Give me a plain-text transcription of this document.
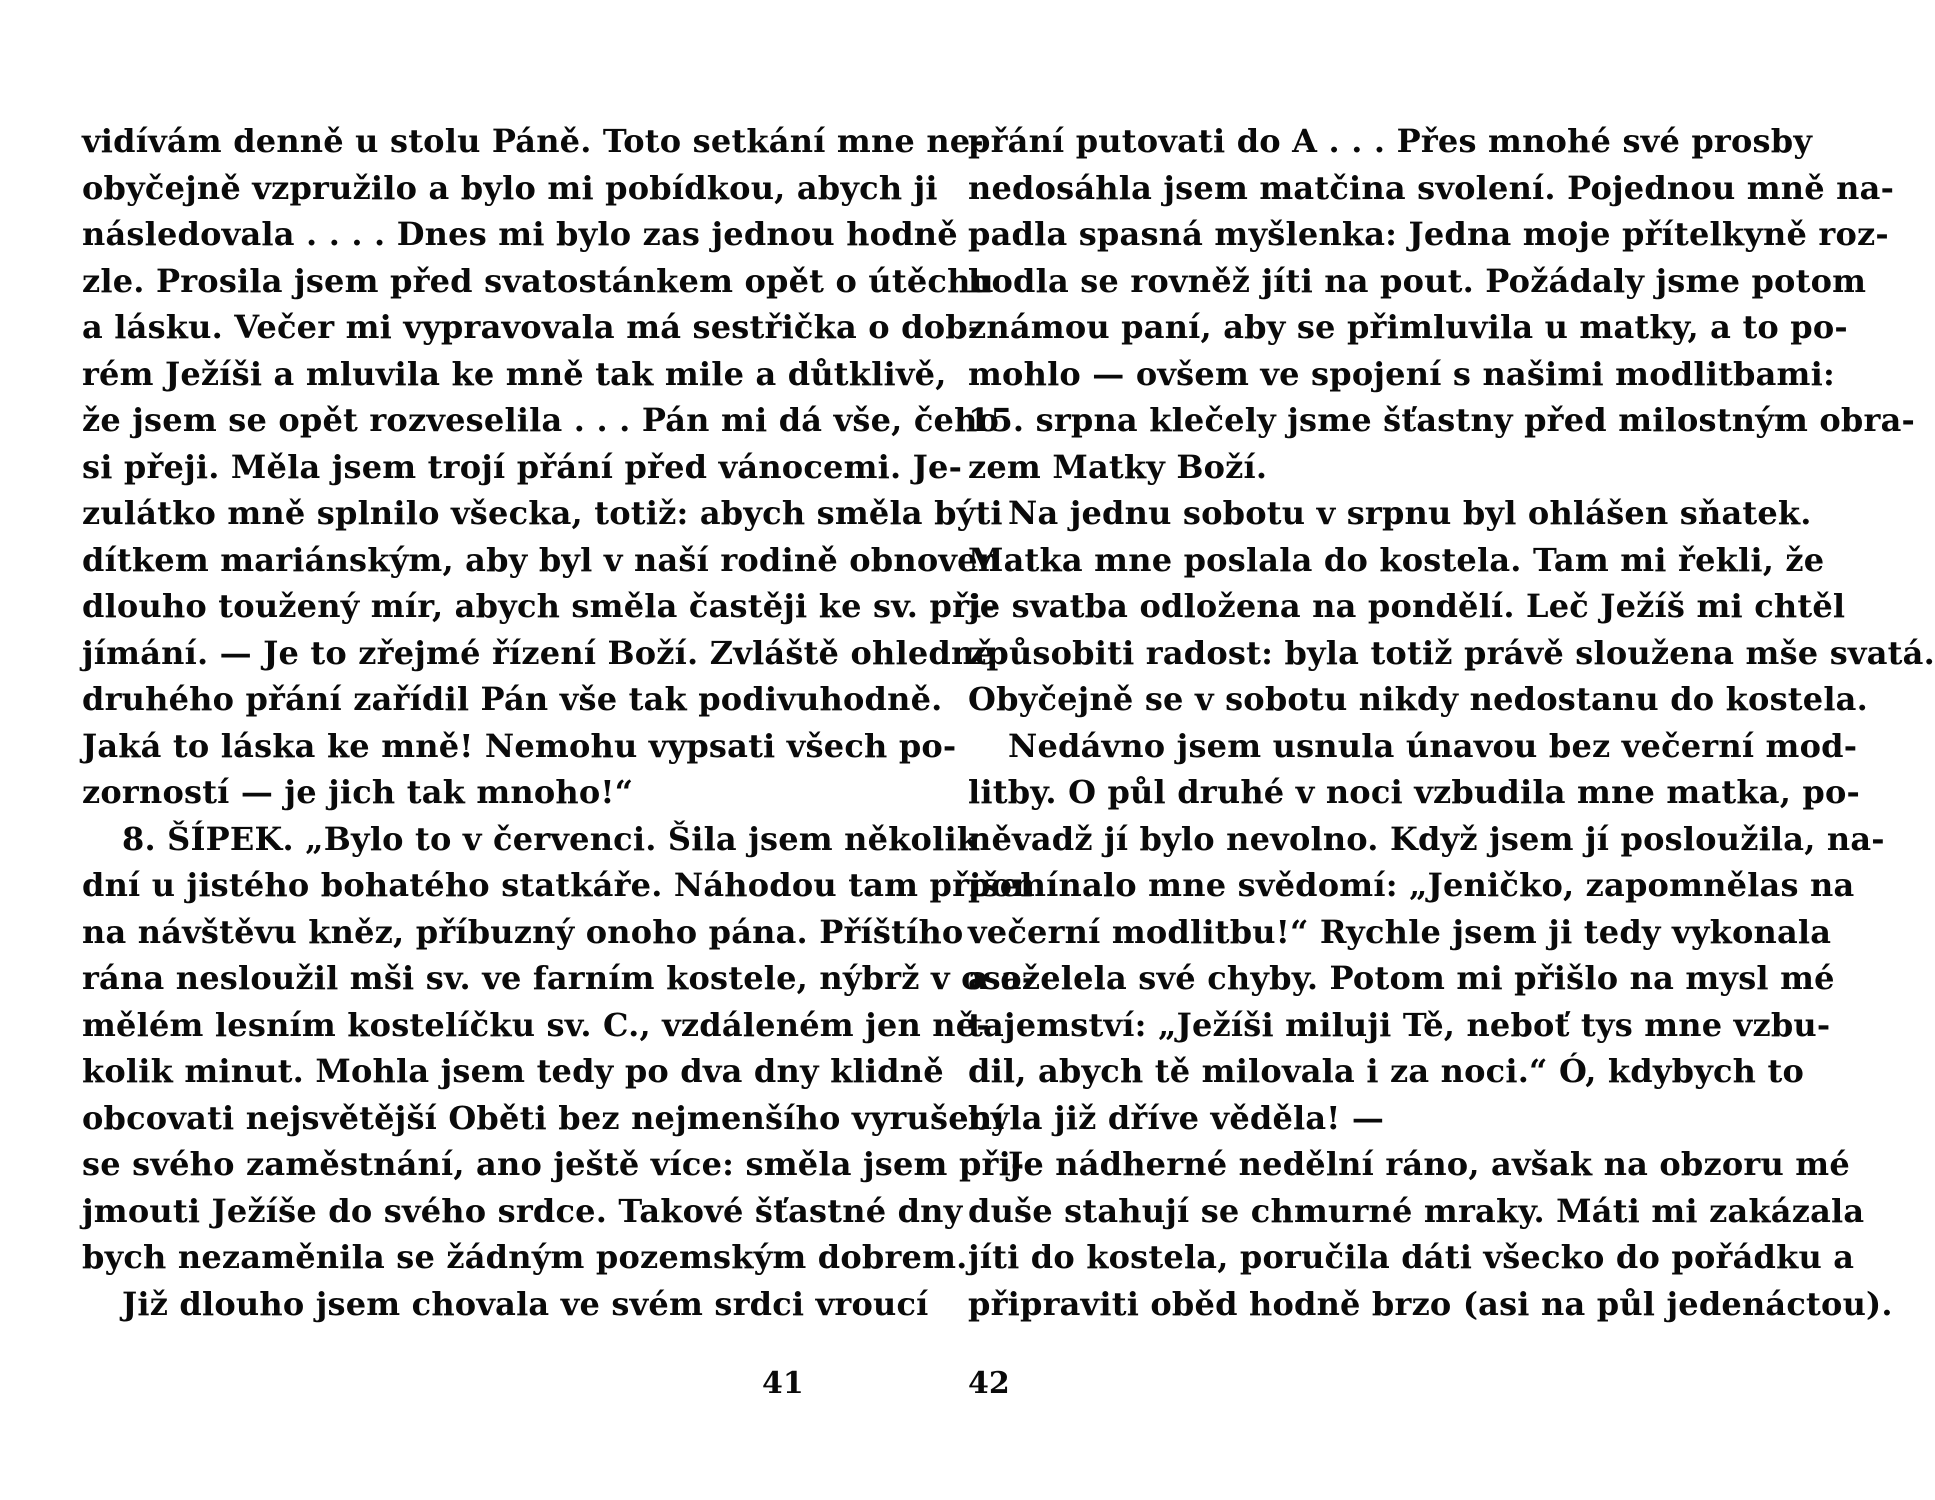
vidívám denně u stolu Páně. Toto setkání mne ne-
obyčejně vzpružilo a bylo mi pobídkou, abych ji
následovala . . . . Dnes mi bylo zas jednou hodně
zle. Prosila jsem před svatostánkem opět o útěchu
a lásku. Večer mi vypravovala má sestřička o dob-
rém Ježíši a mluvila ke mně tak mile a důtklivě,
že jsem se opět rozveselila . . . Pán mi dá vše, čeho
si přeji. Měla jsem trojí přání před vánocemi. Je-
zulátko mně splnilo všecka, totiž: abych směla býti
dítkem mariánským, aby byl v naší rodině obnoven
dlouho toužený mír, abych směla častěji ke sv. při-
jímání. — Je to zřejmé řízení Boží. Zvláště ohledně
druhého přání zařídil Pán vše tak podivuhodně.
Jaká to láska ke mně! Nemohu vypsati všech po-
zorností — je jich tak mnoho!“
8. ŠÍPEK. „Bylo to v červenci. Šila jsem několik
dní u jistého bohatého statkáře. Náhodou tam přišel
na návštěvu kněz, příbuzný onoho pána. Příštího
rána nesloužil mši sv. ve farním kostele, nýbrž v osa-
mělém lesním kostelíčku sv. C., vzdáleném jen ně-
kolik minut. Mohla jsem tedy po dva dny klidně
obcovati nejsvětější Oběti bez nejmenšího vyrušení
se svého zaměstnání, ano ještě více: směla jsem při-
jmouti Ježíše do svého srdce. Takové šťastné dny
bych nezaměnila se žádným pozemským dobrem.
Již dlouho jsem chovala ve svém srdci vroucí
přání putovati do A . . . Přes mnohé své prosby
nedosáhla jsem matčina svolení. Pojednou mně na-
padla spasná myšlenka: Jedna moje přítelkyně roz-
hodla se rovněž jíti na pout. Požádaly jsme potom
známou paní, aby se přimluvila u matky, a to po-
mohlo — ovšem ve spojení s našimi modlitbami:
15. srpna klečely jsme šťastny před milostným obra-
zem Matky Boží.
Na jednu sobotu v srpnu byl ohlášen sňatek.
Matka mne poslala do kostela. Tam mi řekli, že
je svatba odložena na pondělí. Leč Ježíš mi chtěl
způsobiti radost: byla totiž právě sloužena mše svatá.
Obyčejně se v sobotu nikdy nedostanu do kostela.
Nedávno jsem usnula únavou bez večerní mod-
litby. O půl druhé v noci vzbudila mne matka, po-
něvadž jí bylo nevolno. Když jsem jí posloužila, na-
pomínalo mne svědomí: „Jeničko, zapomnělas na
večerní modlitbu!“ Rychle jsem ji tedy vykonala
a oželela své chyby. Potom mi přišlo na mysl mé
tajemství: „Ježíši miluji Tě, neboť tys mne vzbu-
dil, abych tě milovala i za noci.“ Ó, kdybych to
byla již dříve věděla! —
Je nádherné nedělní ráno, avšak na obzoru mé
duše stahují se chmurné mraky. Máti mi zakázala
jíti do kostela, poručila dáti všecko do pořádku a
připraviti oběd hodně brzo (asi na půl jedenáctou).
41	42
